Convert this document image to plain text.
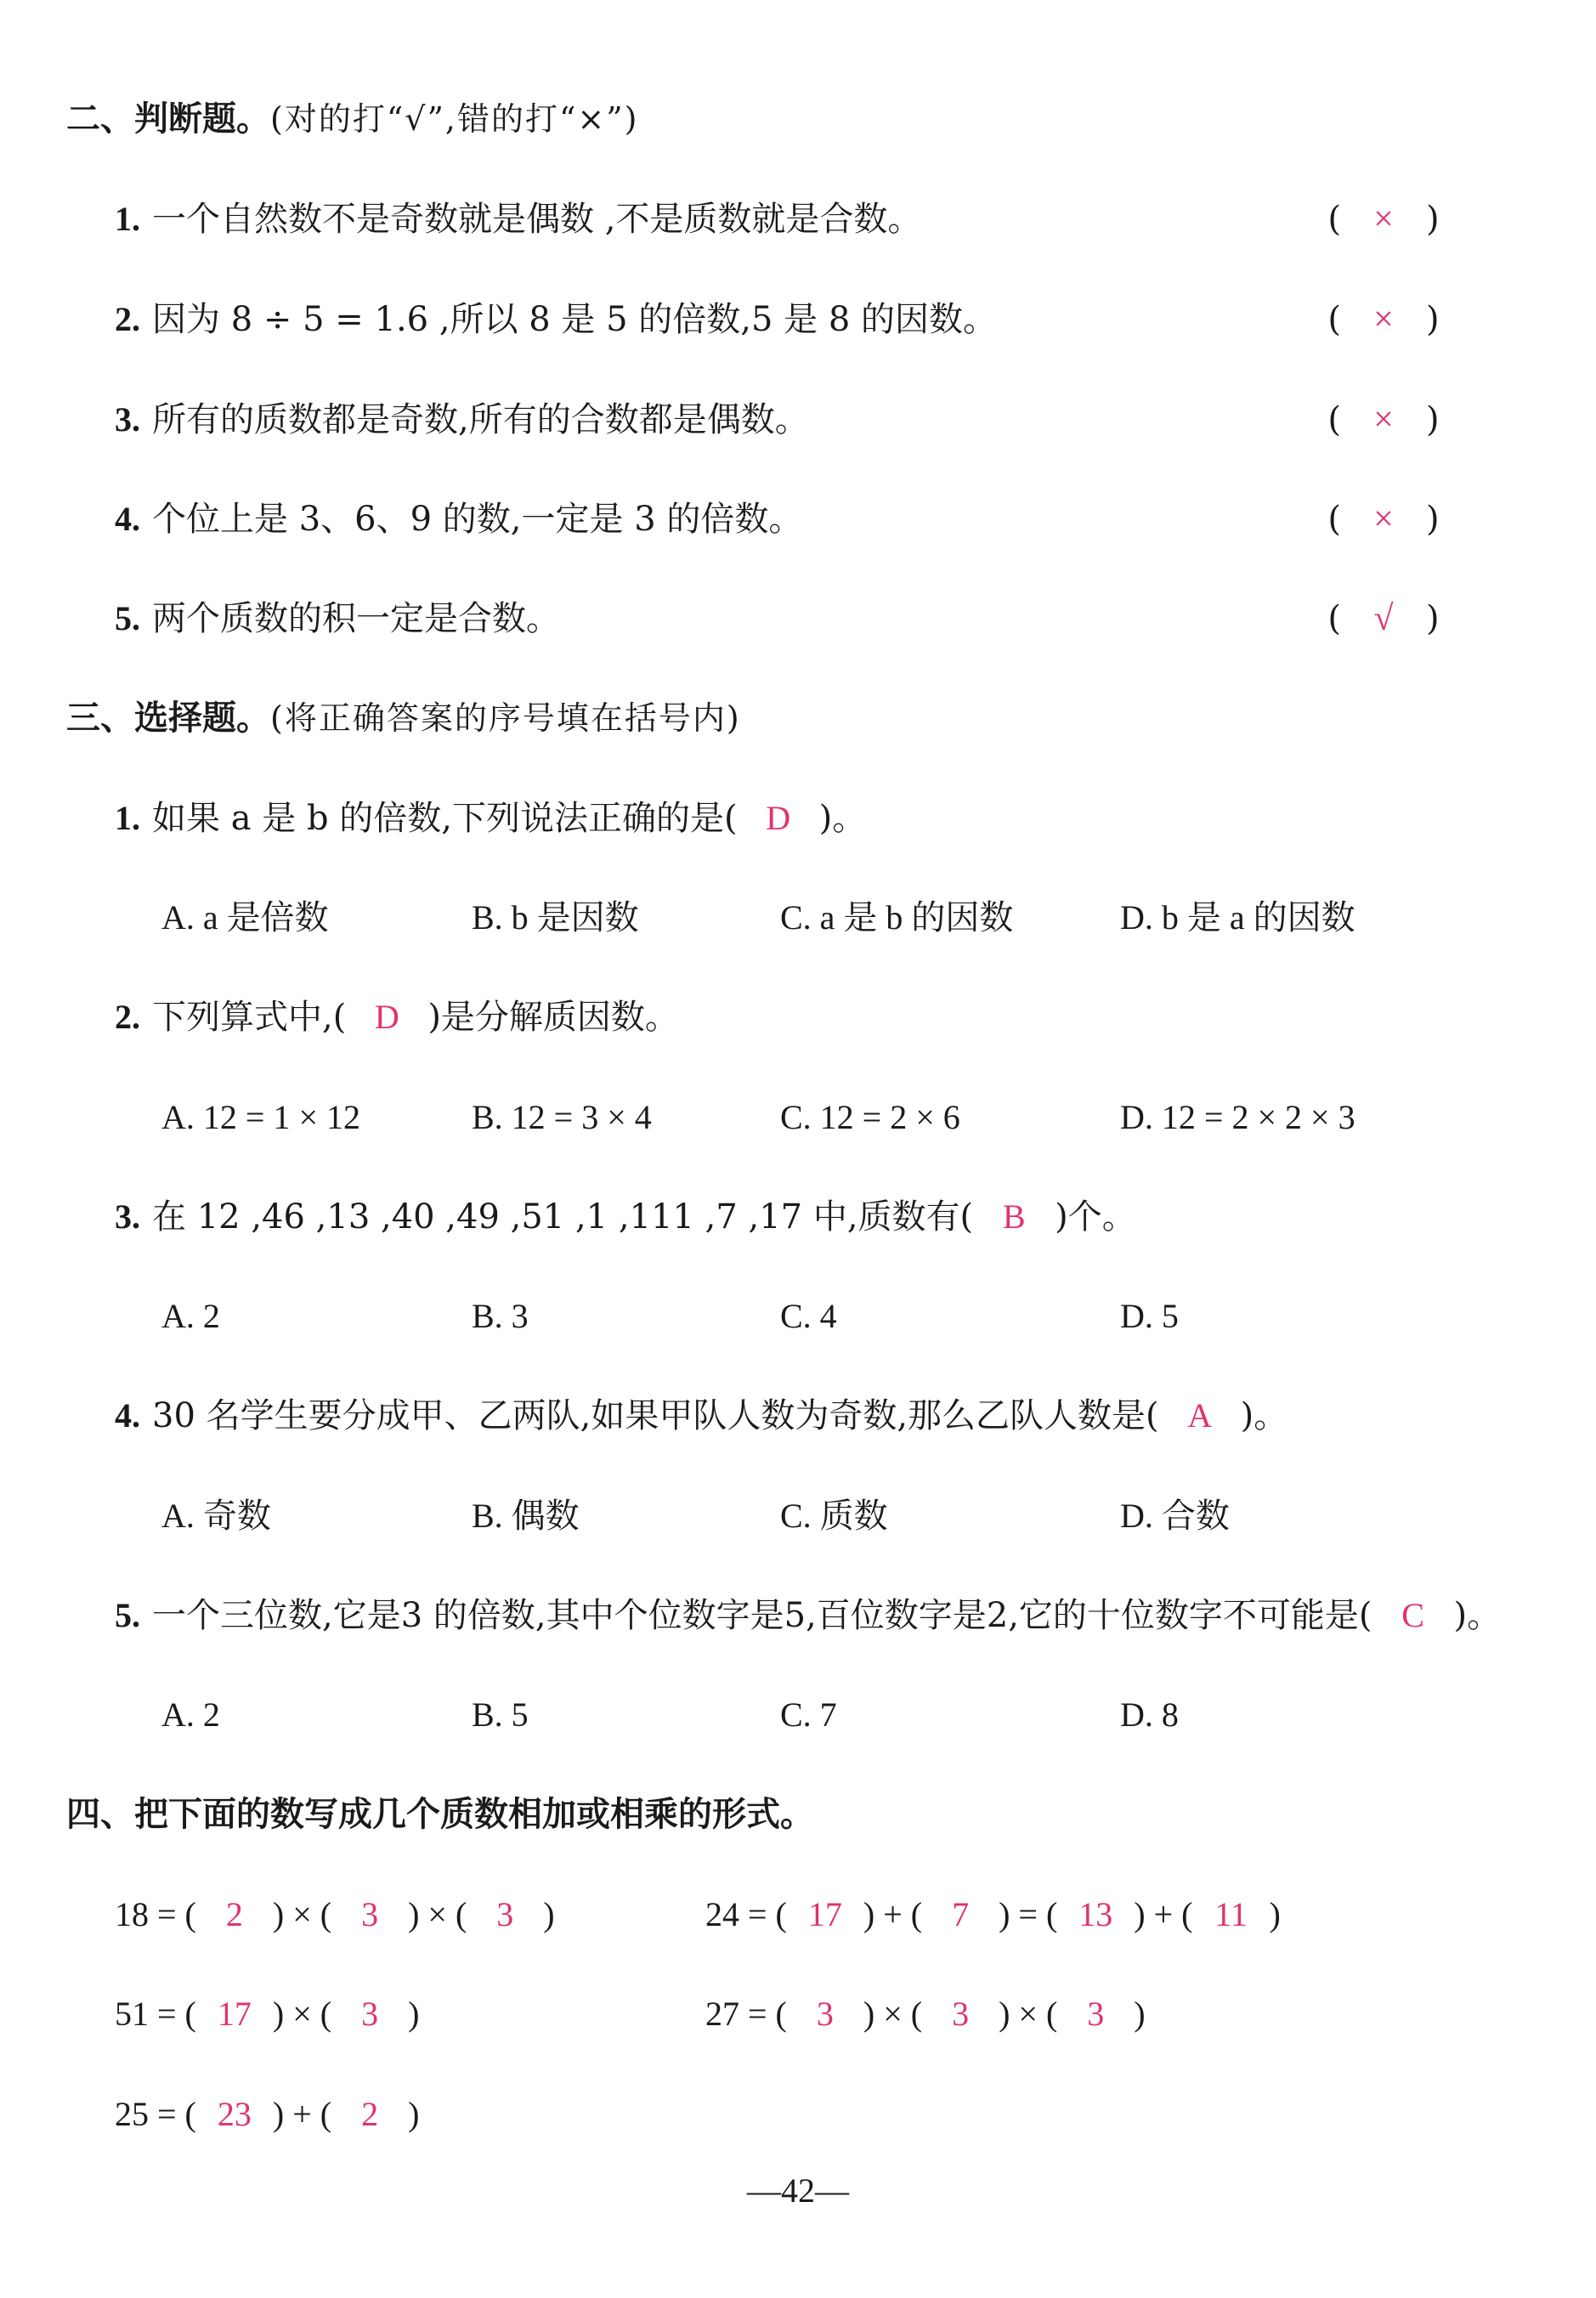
二、判断题。(对的打“√”,错的打“×”)
1. 一个自然数不是奇数就是偶数 ,不是质数就是合数。	( × )
2. 因为 8 ÷ 5 = 1.6 ,所以 8 是 5 的倍数,5 是 8 的因数。	( × )
3. 所有的质数都是奇数,所有的合数都是偶数。	( × )
4. 个位上是 3、6、9 的数,一定是 3 的倍数。	( × )
5. 两个质数的积一定是合数。	( √ )
三、选择题。(将正确答案的序号填在括号内)
1. 如果 a 是 b 的倍数,下列说法正确的是( D )。
A. a 是倍数	B. b 是因数	C. a 是 b 的因数	D. b 是 a 的因数
2. 下列算式中,( D )是分解质因数。
A. 12 = 1 × 12	B. 12 = 3 × 4	C. 12 = 2 × 6	D. 12 = 2 × 2 × 3
3. 在 12 ,46 ,13 ,40 ,49 ,51 ,1 ,111 ,7 ,17 中,质数有( B )个。
A. 2	B. 3	C. 4	D. 5
4. 30 名学生要分成甲、乙两队,如果甲队人数为奇数,那么乙队人数是( A )。
A. 奇数	B. 偶数	C. 质数	D. 合数
5. 一个三位数,它是3 的倍数,其中个位数字是5,百位数字是2,它的十位数字不可能是( C )。
A. 2	B. 5	C. 7	D. 8
四、把下面的数写成几个质数相加或相乘的形式。
18 = ( 2 ) × ( 3 ) × ( 3 )	24 = ( 17 ) + ( 7 ) = ( 13 ) + ( 11 )
51 = ( 17 ) × ( 3 )	27 = ( 3 ) × ( 3 ) × ( 3 )
25 = ( 23 ) + ( 2 )
—42—
